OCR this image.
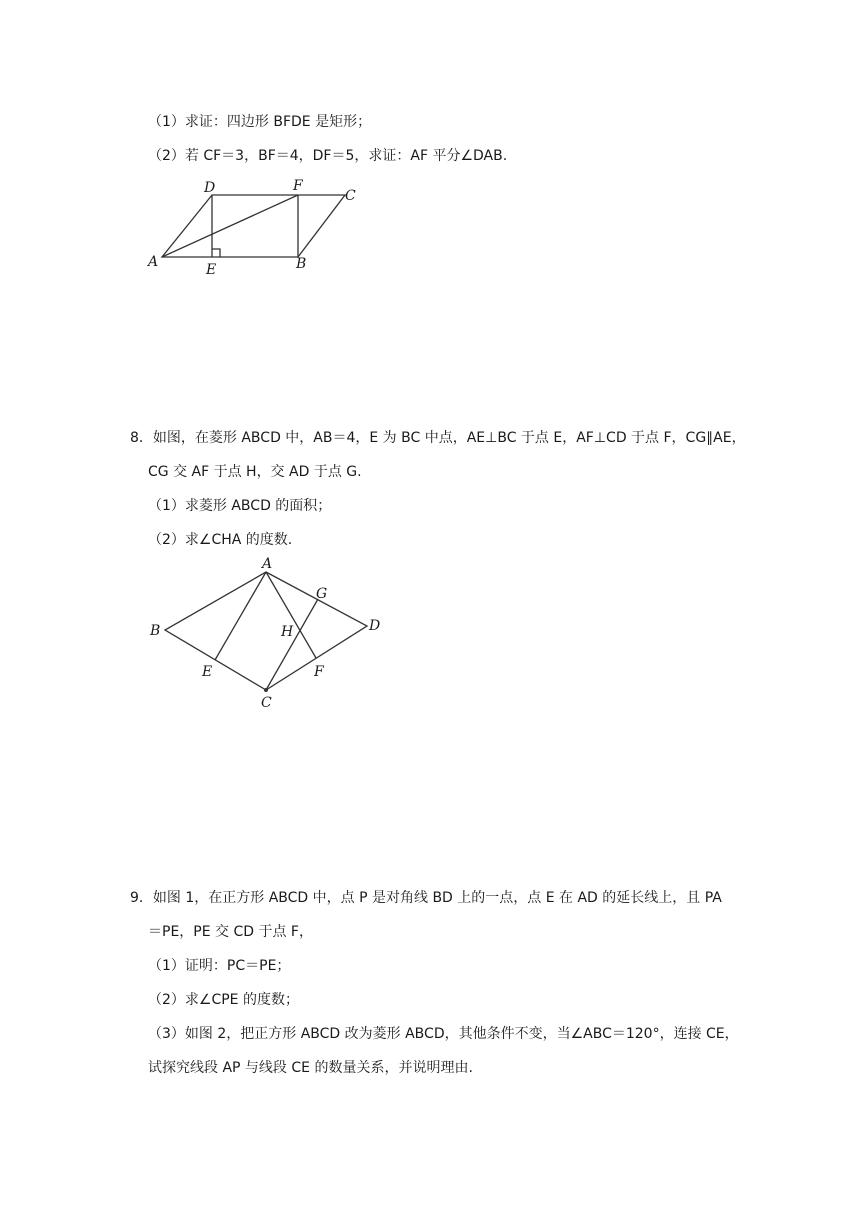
（1）求证：四边形 BFDE 是矩形；
（2）若 CF＝3，BF＝4，DF＝5，求证：AF 平分∠DAB.
A
D	F
C
E	B
8．如图，在菱形 ABCD 中，AB＝4，E 为 BC 中点，AE⊥BC 于点 E，AF⊥CD 于点 F，CG∥AE，
CG 交 AF 于点 H，交 AD 于点 G.
（1）求菱形 ABCD 的面积；
（2）求∠CHA 的度数.
A
B	D
G
H
E	F
C
9．如图 1，在正方形 ABCD 中，点 P 是对角线 BD 上的一点，点 E 在 AD 的延长线上，且 PA
＝PE，PE 交 CD 于点 F，
（1）证明：PC＝PE；
（2）求∠CPE 的度数；
（3）如图 2，把正方形 ABCD 改为菱形 ABCD，其他条件不变，当∠ABC＝120°，连接 CE，
试探究线段 AP 与线段 CE 的数量关系，并说明理由.
